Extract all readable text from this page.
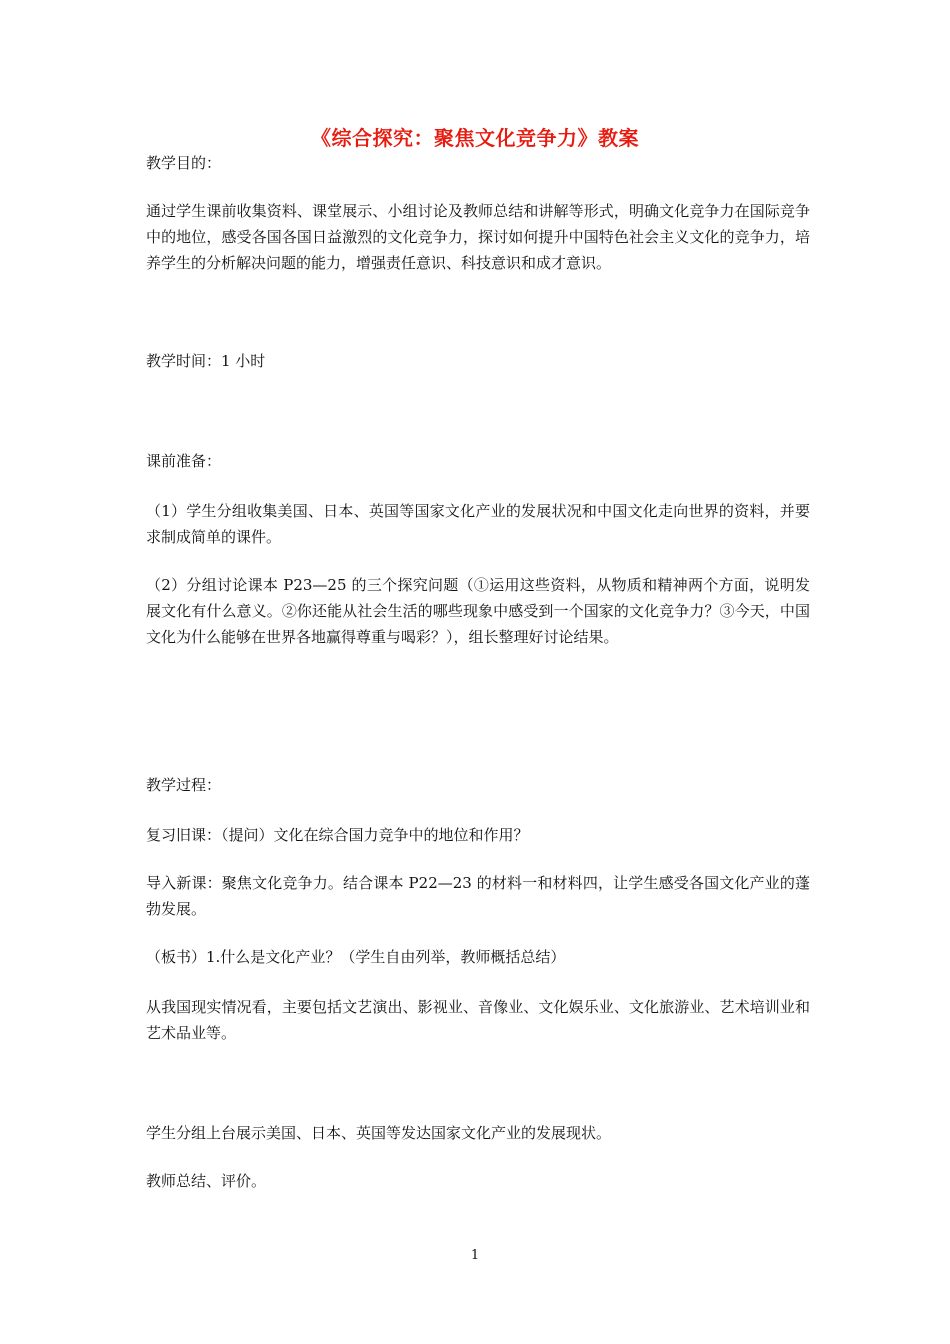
《综合探究：聚焦文化竞争力》教案
教学目的：
通过学生课前收集资料、课堂展示、小组讨论及教师总结和讲解等形式，明确文化竞争力在国际竞争中的地位，感受各国各国日益激烈的文化竞争力，探讨如何提升中国特色社会主义文化的竞争力，培养学生的分析解决问题的能力，增强责任意识、科技意识和成才意识。
教学时间：1 小时
课前准备：
（1）学生分组收集美国、日本、英国等国家文化产业的发展状况和中国文化走向世界的资料，并要求制成简单的课件。
（2）分组讨论课本 P23—25 的三个探究问题（①运用这些资料，从物质和精神两个方面，说明发展文化有什么意义。②你还能从社会生活的哪些现象中感受到一个国家的文化竞争力？③今天，中国文化为什么能够在世界各地赢得尊重与喝彩？），组长整理好讨论结果。
教学过程：
复习旧课：（提问）文化在综合国力竞争中的地位和作用？
导入新课：聚焦文化竞争力。结合课本 P22—23 的材料一和材料四，让学生感受各国文化产业的蓬勃发展。
（板书）1.什么是文化产业？（学生自由列举，教师概括总结）
从我国现实情况看，主要包括文艺演出、影视业、音像业、文化娱乐业、文化旅游业、艺术培训业和艺术品业等。
学生分组上台展示美国、日本、英国等发达国家文化产业的发展现状。
教师总结、评价。
1
